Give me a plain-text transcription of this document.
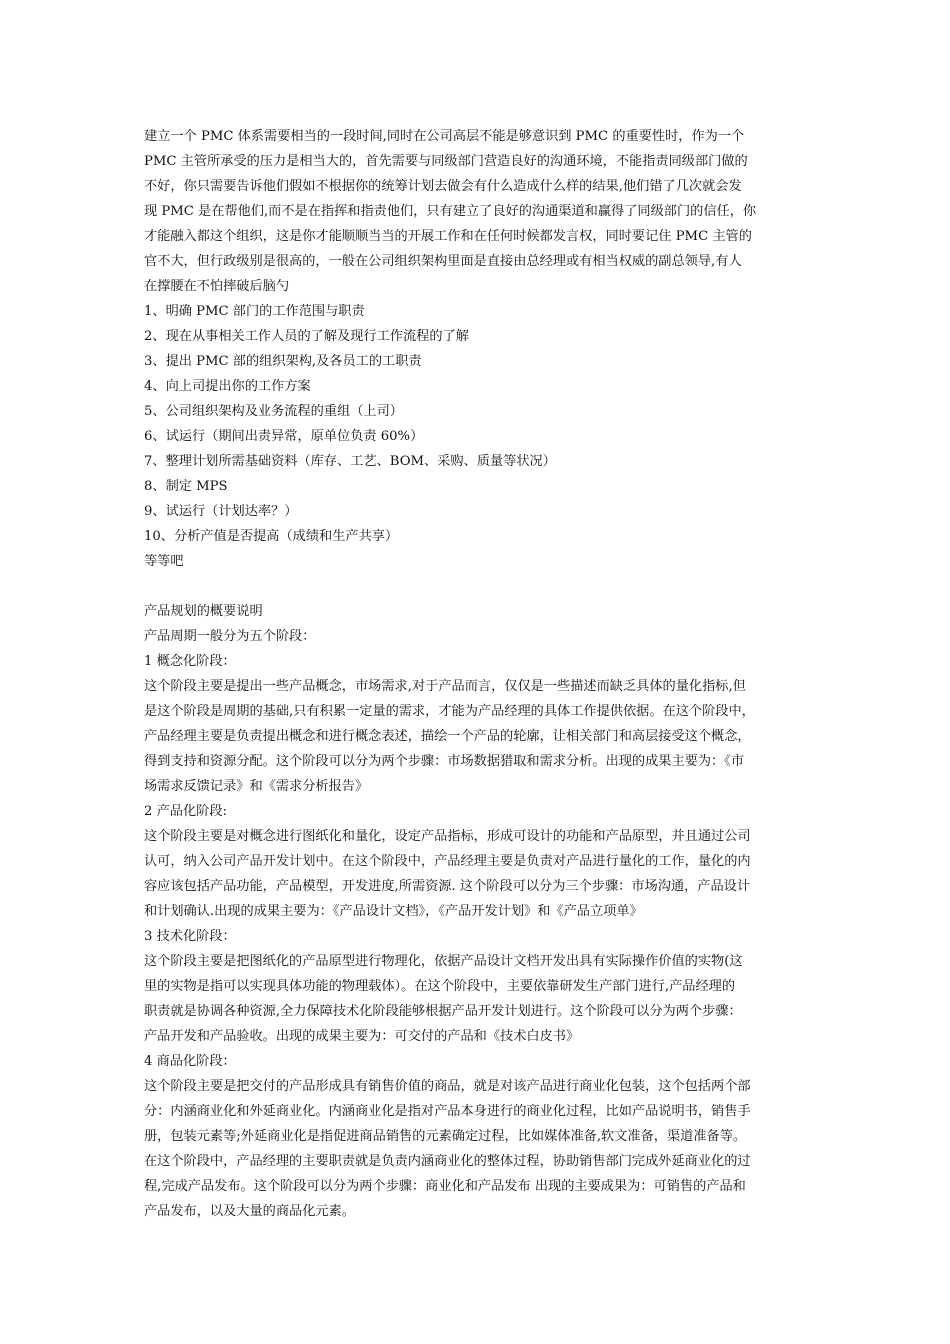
建立一个 PMC 体系需要相当的一段时间,同时在公司高层不能是够意识到 PMC 的重要性时，作为一个
PMC 主管所承受的压力是相当大的，首先需要与同级部门营造良好的沟通环境，不能指责同级部门做的
不好，你只需要告诉他们假如不根据你的统筹计划去做会有什么造成什么样的结果,他们错了几次就会发
现 PMC 是在帮他们,而不是在指挥和指责他们，只有建立了良好的沟通渠道和赢得了同级部门的信任，你
才能融入都这个组织，这是你才能顺顺当当的开展工作和在任何时候都发言权，同时要记住 PMC 主管的
官不大，但行政级别是很高的，一般在公司组织架构里面是直接由总经理或有相当权威的副总领导,有人
在撑腰在不怕摔破后脑勺
1、明确 PMC 部门的工作范围与职责
2、现在从事相关工作人员的了解及现行工作流程的了解
3、提出 PMC 部的组织架构,及各员工的工职责
4、向上司提出你的工作方案
5、公司组织架构及业务流程的重组（上司）
6、试运行（期间出责异常，原单位负责 60%）
7、整理计划所需基础资料（库存、工艺、BOM、采购、质量等状况）
8、制定 MPS
9、试运行（计划达率？）
10、分析产值是否提高（成绩和生产共享）
等等吧
产品规划的概要说明
产品周期一般分为五个阶段：
1 概念化阶段：
这个阶段主要是提出一些产品概念，市场需求,对于产品而言，仅仅是一些描述而缺乏具体的量化指标,但
是这个阶段是周期的基础,只有积累一定量的需求，才能为产品经理的具体工作提供依据。在这个阶段中，
产品经理主要是负责提出概念和进行概念表述，描绘一个产品的轮廓，让相关部门和高层接受这个概念，
得到支持和资源分配。这个阶段可以分为两个步骤：市场数据猎取和需求分析。出现的成果主要为：《市
场需求反馈记录》和《需求分析报告》
2 产品化阶段:
这个阶段主要是对概念进行图纸化和量化，设定产品指标，形成可设计的功能和产品原型，并且通过公司
认可，纳入公司产品开发计划中。在这个阶段中，产品经理主要是负责对产品进行量化的工作，量化的内
容应该包括产品功能，产品模型，开发进度,所需资源. 这个阶段可以分为三个步骤：市场沟通，产品设计
和计划确认.出现的成果主要为：《产品设计文档》，《产品开发计划》和《产品立项单》
3 技术化阶段：
这个阶段主要是把图纸化的产品原型进行物理化，依据产品设计文档开发出具有实际操作价值的实物(这
里的实物是指可以实现具体功能的物理载体）。在这个阶段中，主要依靠研发生产部门进行,产品经理的
职责就是协调各种资源,全力保障技术化阶段能够根据产品开发计划进行。这个阶段可以分为两个步骤：
产品开发和产品验收。出现的成果主要为：可交付的产品和《技术白皮书》
4 商品化阶段：
这个阶段主要是把交付的产品形成具有销售价值的商品，就是对该产品进行商业化包装，这个包括两个部
分：内涵商业化和外延商业化。内涵商业化是指对产品本身进行的商业化过程，比如产品说明书，销售手
册，包装元素等;外延商业化是指促进商品销售的元素确定过程，比如媒体准备,软文准备，渠道准备等。
在这个阶段中，产品经理的主要职责就是负责内涵商业化的整体过程，协助销售部门完成外延商业化的过
程,完成产品发布。这个阶段可以分为两个步骤：商业化和产品发布 出现的主要成果为：可销售的产品和
产品发布，以及大量的商品化元素。
